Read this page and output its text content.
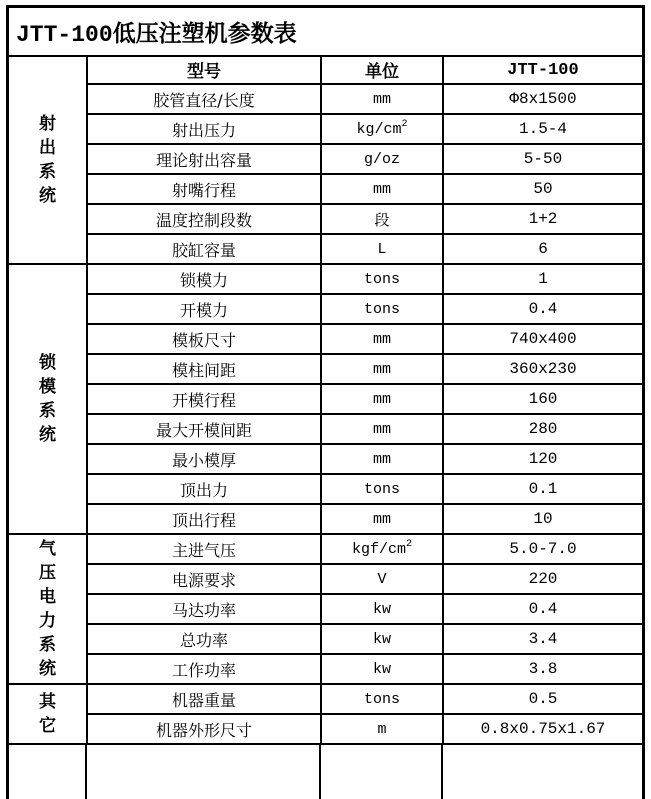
JTT-100低压注塑机参数表
射出系统	型号	单位	JTT-100
	胶管直径/长度	mm	Φ8x1500
	射出压力	$kg/cm^2$	1.5-4
	理论射出容量	g/oz	5-50
	射嘴行程	mm	50
	温度控制段数	段	1+2
	胶缸容量	L	6

锁模系统	锁模力	tons	1
	开模力	tons	0.4
	模板尺寸	mm	740x400
	模柱间距	mm	360x230
	开模行程	mm	160
	最大开模间距	mm	280
	最小模厚	mm	120
	顶出力	tons	0.1
	顶出行程	mm	10

气压电力系统	主进气压	kgf/$cm^2$	5.0-7.0
	电源要求	V	220
	马达功率	kw	0.4
	总功率	kw	3.4
	工作功率	kw	3.8

其它	机器重量	tons	0.5
	机器外形尺寸	m	0.8x0.75x1.67
